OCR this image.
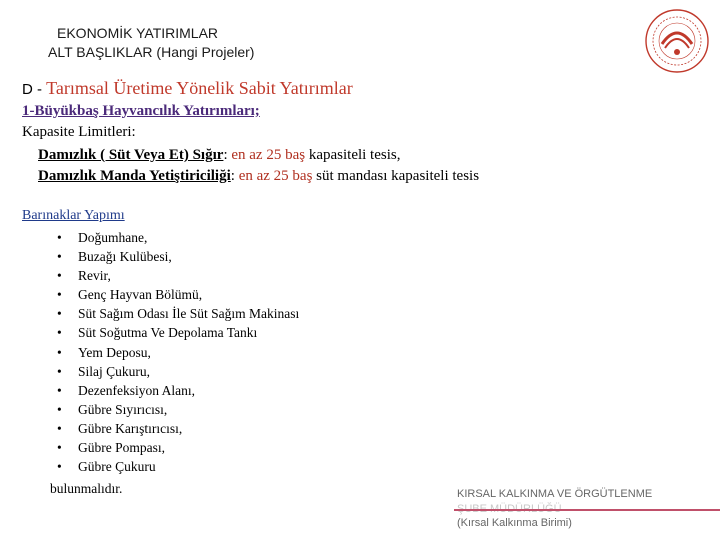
EKONOMİK YATIRIMLAR
ALT BAŞLIKLAR (Hangi Projeler)
D - Tarımsal Üretime Yönelik Sabit Yatırımlar
1-Büyükbaş Hayvancılık Yatırımları;
Kapasite Limitleri:
Damızlık ( Süt Veya Et) Sığır: en az 25 baş kapasiteli tesis,
Damızlık Manda Yetiştiriciliği: en az 25 baş süt mandası kapasiteli tesis
Barınaklar Yapımı
• Doğumhane,
• Buzağı Kulübesi,
• Revir,
• Genç Hayvan Bölümü,
• Süt Sağım Odası İle Süt Sağım Makinası
• Süt Soğutma Ve Depolama Tankı
• Yem Deposu,
• Silaj Çukuru,
• Dezenfeksiyon Alanı,
• Gübre Sıyırıcısı,
• Gübre Karıştırıcısı,
• Gübre Pompası,
• Gübre Çukuru
bulunmalıdır.	KIRSAL KALKINMA VE ÖRGÜTLENME
(Kırsal Kalkınma Birimi)
